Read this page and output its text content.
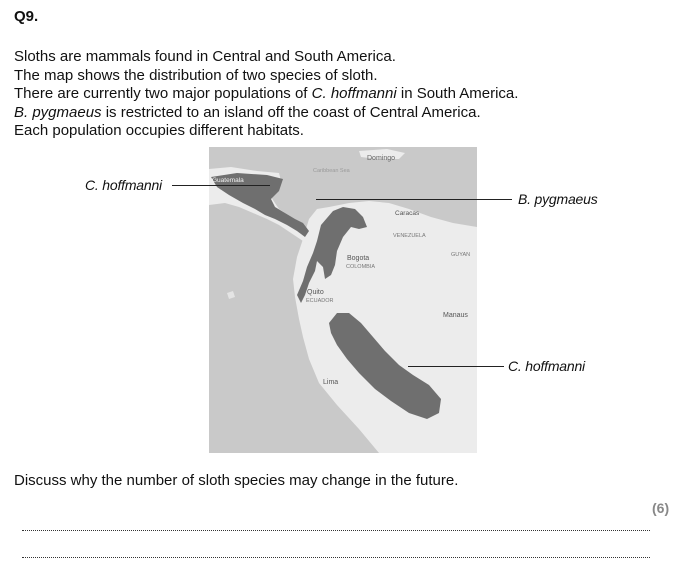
Q9.
Sloths are mammals found in Central and South America.
The map shows the distribution of two species of sloth.
There are currently two major populations of C. hoffmanni in South America.
B. pygmaeus is restricted to an island off the coast of Central America.
Each population occupies different habitats.
Domingo
Caribbean Sea
Guatemala
Caracas
VENEZUELA
GUYAN
Bogota
COLOMBIA
Quito
ECUADOR
Manaus
Lima
C. hoffmanni
B. pygmaeus
C. hoffmanni
Discuss why the number of sloth species may change in the future.
(6)
